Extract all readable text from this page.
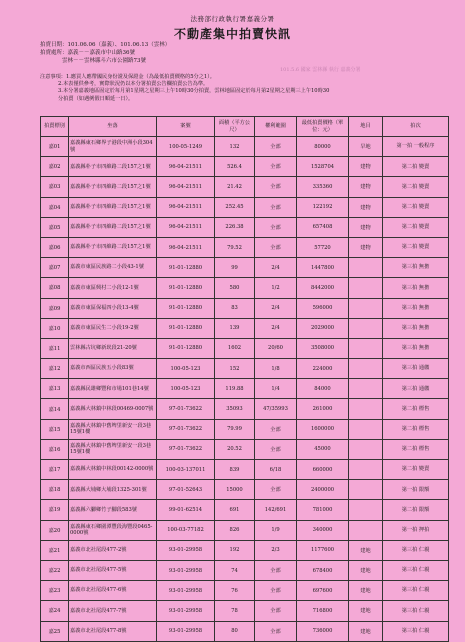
法務部行政執行署嘉義分署
不動產集中拍賣快訊
拍賣日期：101.06.06（嘉義）、101.06.13（雲林）
拍賣處所：嘉義－－嘉義市中山路36號
雲林－－雲林縣斗六市公園路73號
101.5.6 國家 雲林縣 執行 嘉義分署
注意事項：1.應買人應帶國民身份證及保證金（為最低拍賣價格的5分之1）。
2.本表僅供參考，實際狀況仍以本分署拍賣公告欄拍賣公告為準。
3.本分署嘉義地區固定於每月第1星期之星期三上午10時30分拍賣，雲林地區固定於每月第2星期之星期三上午10時30
分拍賣（如遇例假日順延一日）。
拍賣標別	坐落	案號	面積（平方公尺）	權利範圍	最低拍賣價格（單位：元）	地目	拍次
嘉01	嘉義縣東石鄉界子港段中洲小段304號	100-05-1249	132	全部	80000	旱地	第一拍 一般程序
嘉02	嘉義縣朴子市四維路二段157之1號	96-04-21511	526.4	全部	1528704	建物	第二拍 變賣
嘉03	嘉義縣朴子市四維路二段157之1號	96-04-21511	21.42	全部	335360	建物	第二拍 變賣
嘉04	嘉義縣朴子市四維路二段157之1號	96-04-21511	252.45	全部	122192	建物	第二拍 變賣
嘉05	嘉義縣朴子市四維路二段157之1號	96-04-21511	226.38	全部	657408	建物	第二拍 變賣
嘉06	嘉義縣朴子市四維路二段157之1號	96-04-21511	79.52	全部	57720	建物	第二拍 變賣
嘉07	嘉義市東區民族路二小段43-1號	91-01-12880	99	2/4	1447800		第三拍 無擔
嘉08	嘉義市東區興村二小段12-1號	91-01-12880	580	1/2	8442000		第三拍 無擔
嘉09	嘉義市東區保福四小段13-4號	91-01-12880	83	2/4	596000		第三拍 無擔
嘉10	嘉義市東區民生二小段19-2號	91-01-12880	139	2/4	2029000		第三拍 無擔
嘉11	雲林縣古坑鄉新崁段21-20號	91-01-12880	1602	20/60	3508000		第三拍 無擔
嘉12	嘉義市西區民族五小段83號	100-05-123	152	1/8	224000		第三拍 通繳
嘉13	嘉義縣民雄鄉豐和市場101巷14號	100-05-123	119.88	1/4	84000		第三拍 通繳
嘉14	嘉義縣大林鎮中林段00469-0007號	97-01-73622	35093	47/35993	261000		第二拍 標售
嘉15	嘉義縣大林鎮中舊埤里新安一段3巷15號1樓	97-01-73622	79.99	全部	1600000		第二拍 標售
嘉16	嘉義縣大林鎮中舊埤里新安一段3巷15號1樓	97-01-73622	20.52	全部	45000		第二拍 標售
嘉17	嘉義縣大林鎮中林段00142-0000號	100-03-137011	839	6/18	660000		第二拍 變賣
嘉18	嘉義縣大埔鄉大埔段1325-301號	97-01-52643	15000	全部	2400000		第一拍 限額
嘉19	嘉義縣六腳鄉竹子腳段583號	99-01-62514	691	142/691	781000		第二拍 限額
嘉20	嘉義縣東石鄉圍潭豐段海豐段0465-0000號	100-03-77182	826	1/9	340000		第一拍 押拍
嘉21	嘉義市北社尾段477-2號	93-01-29958	192	2/3	1177600	建地	第三拍 仁親
嘉22	嘉義市北社尾段477-5號	93-01-29958	74	全部	678400	建地	第三拍 仁親
嘉23	嘉義市北社尾段477-6號	93-01-29958	76	全部	697600	建地	第三拍 仁親
嘉24	嘉義市北社尾段477-7號	93-01-29958	78	全部	716800	建地	第三拍 仁親
嘉25	嘉義市北社尾段477-8號	93-01-29958	80	全部	736000	建地	第三拍 仁親
